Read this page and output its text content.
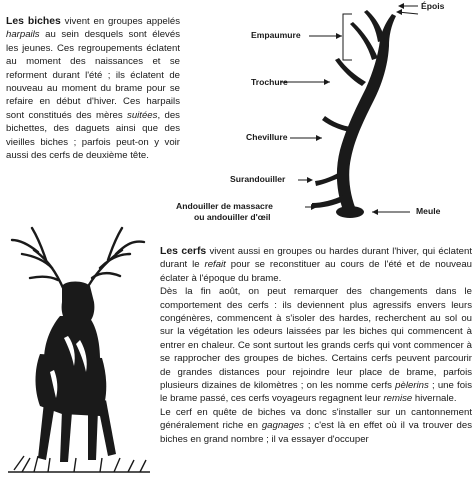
Les biches vivent en groupes appelés harpails au sein desquels sont élevés les jeunes. Ces regroupements éclatent au moment des naissances et se reforment durant l'été ; ils éclatent de nouveau au moment du brame pour se refaire en début d'hiver. Ces harpails sont constitués des mères suitées, des bichettes, des daguets ainsi que des vieilles biches ; parfois peut-on y voir aussi des cerfs de deuxième tête.
Épois
Empaumure
Trochure
Chevillure
Surandouiller
Andouiller de massacre
ou andouiller d'œil
Meule

Les cerfs vivent aussi en groupes ou hardes durant l'hiver, qui éclatent durant le refait pour se reconstituer au cours de l'été et de nouveau éclater à l'époque du brame.

Dès la fin août, on peut remarquer des changements dans le comportement des cerfs : ils deviennent plus agressifs envers leurs congénères, commencent à s'isoler des hardes, recherchent au sol ou sur la végétation les odeurs laissées par les biches qui commencent à entrer en chaleur. Ce sont surtout les grands cerfs qui vont commencer à se rapprocher des groupes de biches. Certains cerfs peuvent parcourir de grandes distances pour rejoindre leur place de brame, parfois plusieurs dizaines de kilomètres ; on les nomme cerfs pèlerins ; une fois le brame passé, ces cerfs voyageurs regagnent leur remise hivernale.

Le cerf en quête de biches va donc s'installer sur un cantonnement généralement riche en gagnages ; c'est là en effet où il va trouver des biches en grand nombre ; il va essayer d'occuper
